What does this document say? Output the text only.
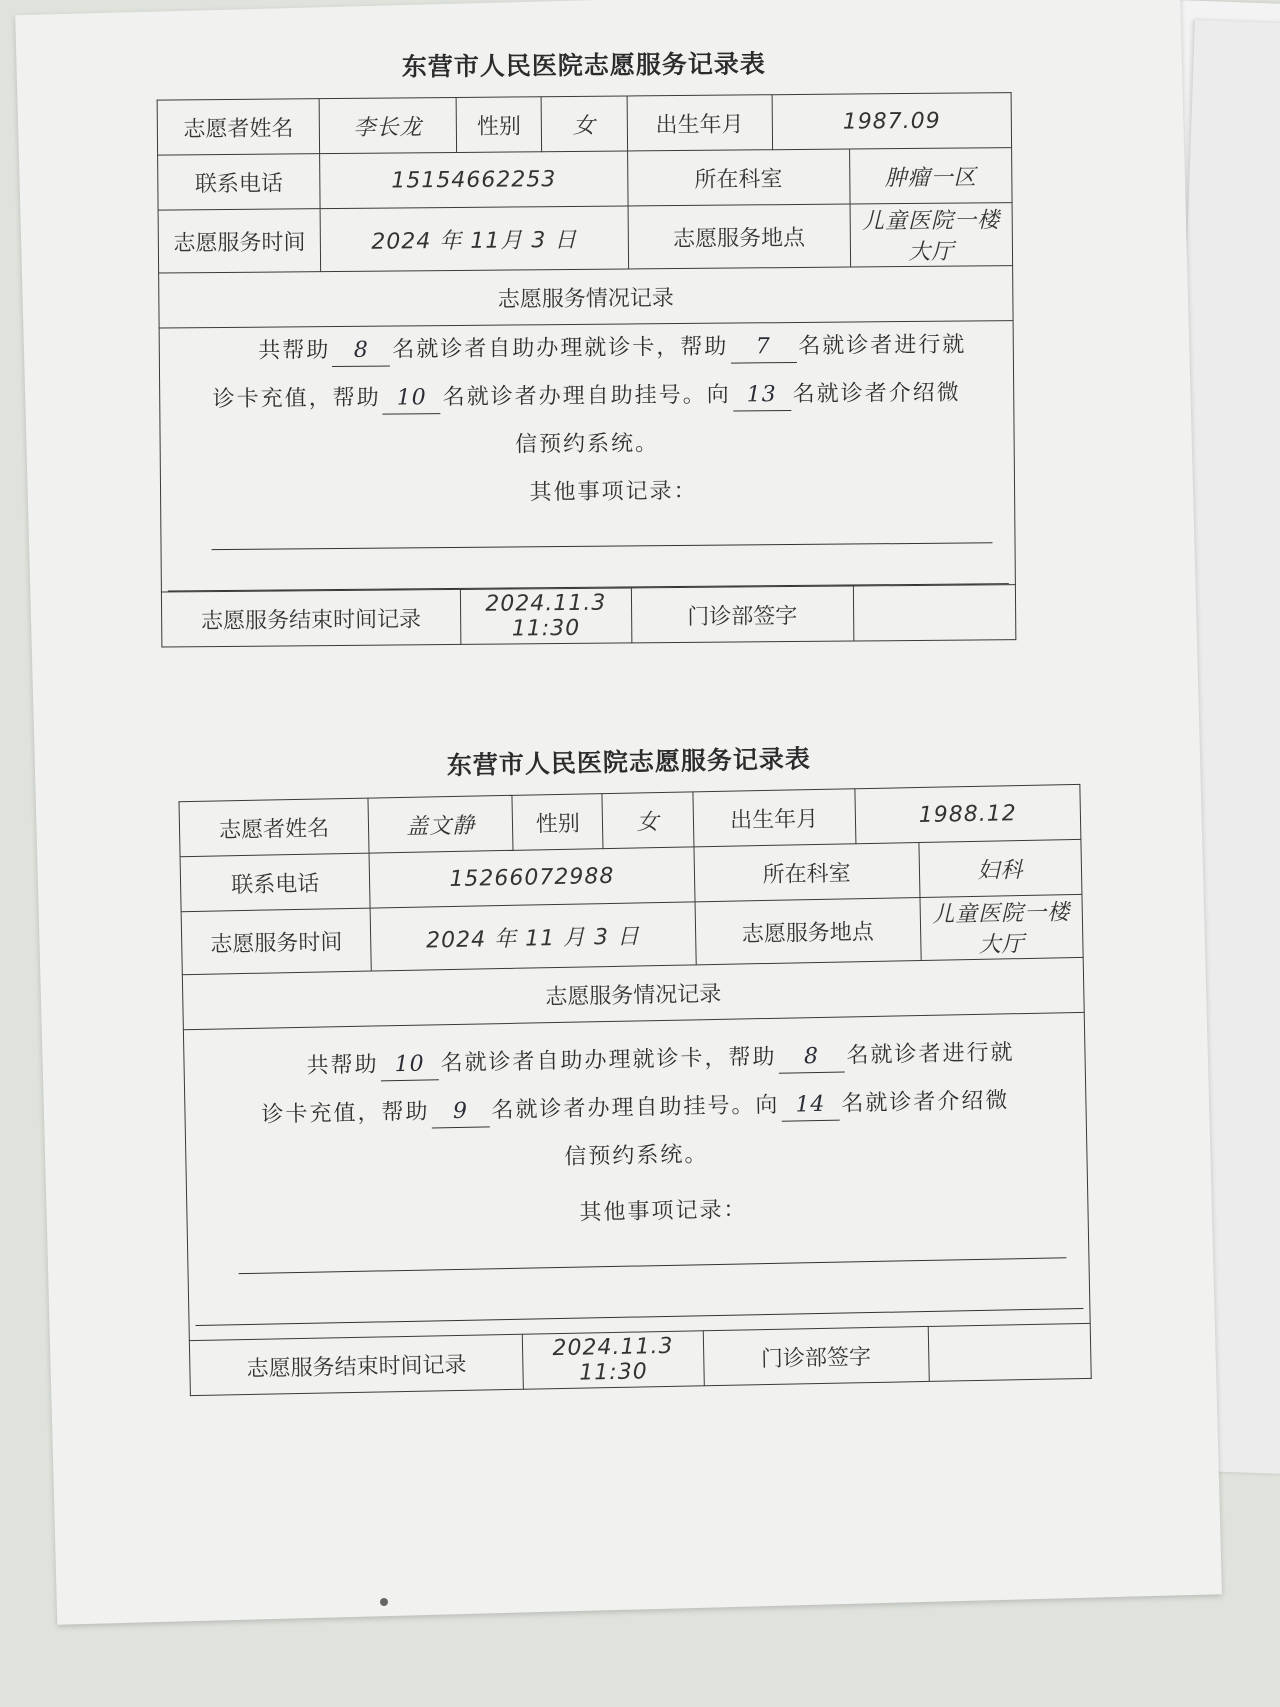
东营市人民医院志愿服务记录表
志愿者姓名	李长龙	性别	女	出生年月	1987.09	
联系电话	15154662253			所在科室		肿瘤一区
志愿服务时间	2024 年 11月 3 日			志愿服务地点		儿童医院一楼大厅
志愿服务情况记录						

共帮助 8 名就诊者自助办理就诊卡，帮助 7 名就诊者进行就
诊卡充值，帮助 10 名就诊者办理自助挂号。向 13 名就诊者介绍微
信预约系统。
其他事项记录：						

志愿服务结束时间记录		2024.11.3 11:30		门诊部签字		
东营市人民医院志愿服务记录表
志愿者姓名	盖文静	性别	女	出生年月	1988.12	
联系电话	15266072988			所在科室		妇科
志愿服务时间	2024 年 11 月 3 日			志愿服务地点		儿童医院一楼大厅
志愿服务情况记录						

共帮助 10 名就诊者自助办理就诊卡，帮助 8 名就诊者进行就
诊卡充值，帮助 9 名就诊者办理自助挂号。向 14 名就诊者介绍微
信预约系统。
其他事项记录：						

志愿服务结束时间记录		2024.11.3 11:30		门诊部签字		
